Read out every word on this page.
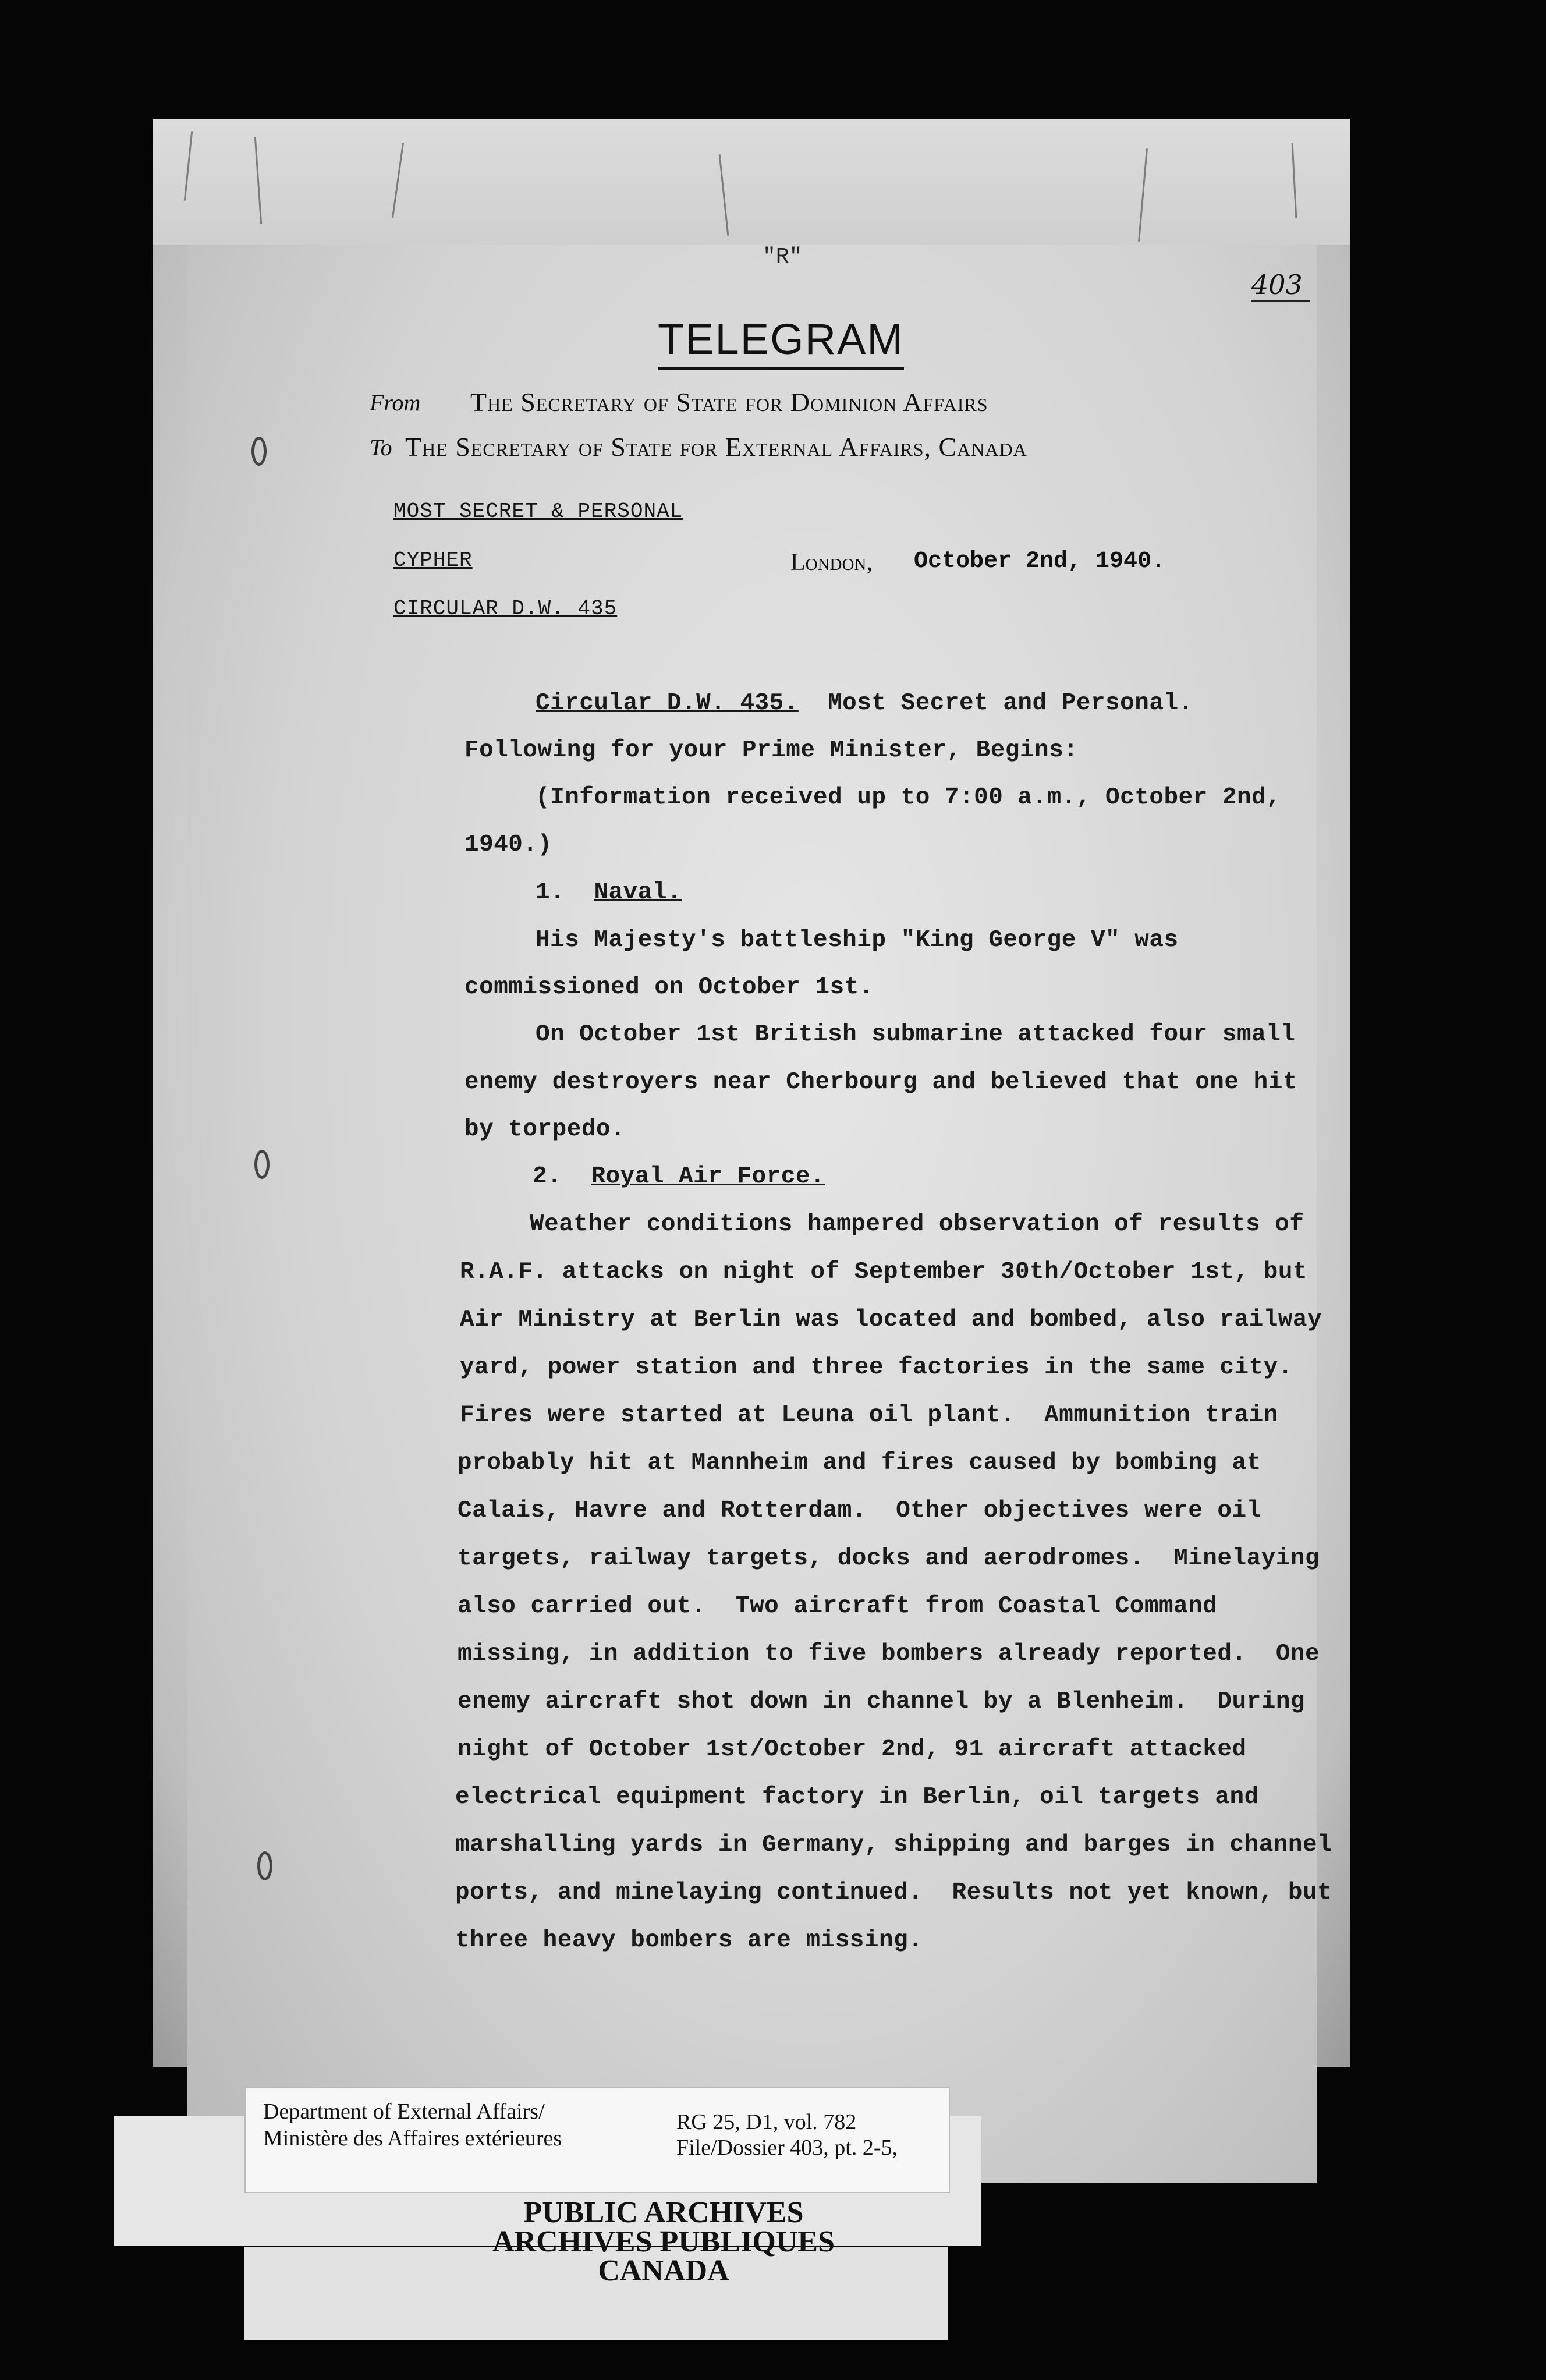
"R"
403
TELEGRAM
From The Secretary of State for Dominion Affairs
To The Secretary of State for External Affairs, Canada
MOST SECRET & PERSONAL
CYPHER
CIRCULAR D.W. 435
London, October 2nd, 1940.
Circular D.W. 435.  Most Secret and Personal.
Following for your Prime Minister, Begins:
(Information received up to 7:00 a.m., October 2nd,
1940.)
1. Naval.
His Majesty's battleship "King George V" was
commissioned on October 1st.
On October 1st British submarine attacked four small
enemy destroyers near Cherbourg and believed that one hit
by torpedo.
2. Royal Air Force.
Weather conditions hampered observation of results of
R.A.F. attacks on night of September 30th/October 1st, but
Air Ministry at Berlin was located and bombed, also railway
yard, power station and three factories in the same city.
Fires were started at Leuna oil plant.  Ammunition train
probably hit at Mannheim and fires caused by bombing at
Calais, Havre and Rotterdam.  Other objectives were oil
targets, railway targets, docks and aerodromes.  Minelaying
also carried out.  Two aircraft from Coastal Command
missing, in addition to five bombers already reported.  One
enemy aircraft shot down in channel by a Blenheim.  During
night of October 1st/October 2nd, 91 aircraft attacked
electrical equipment factory in Berlin, oil targets and
marshalling yards in Germany, shipping and barges in channel
ports, and minelaying continued.  Results not yet known, but
three heavy bombers are missing.
Department of External Affairs/
Ministère des Affaires extérieures
RG 25, D1, vol. 782
File/Dossier 403, pt. 2-5,
PUBLIC ARCHIVES
ARCHIVES PUBLIQUES
CANADA
